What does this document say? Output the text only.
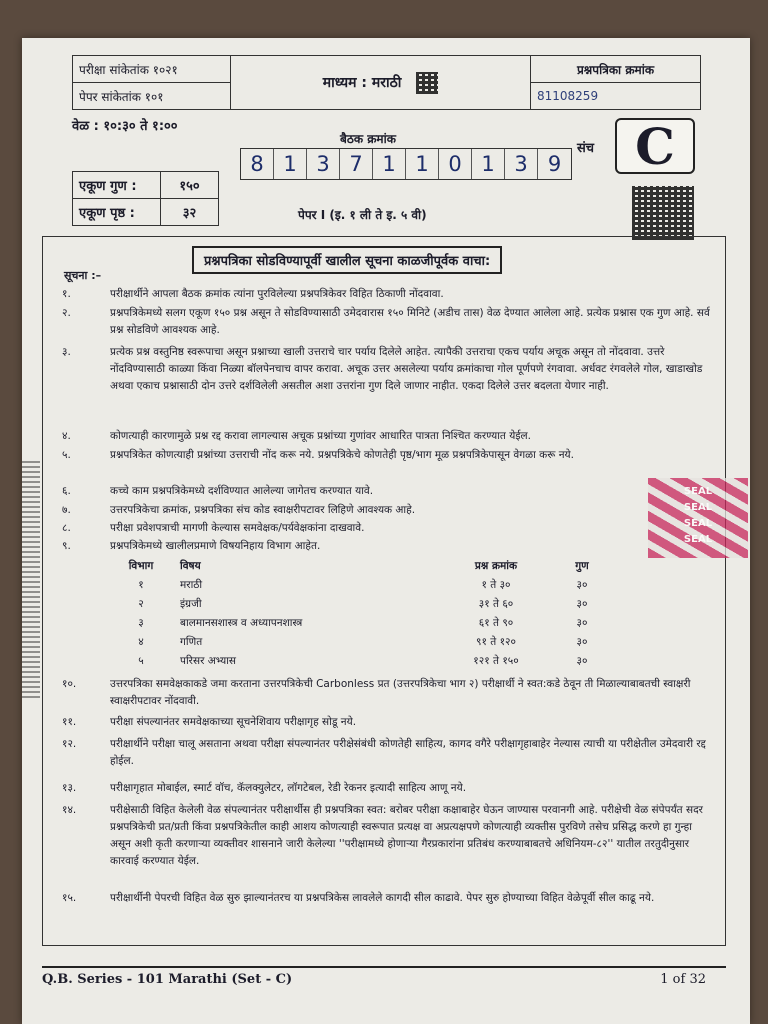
परीक्षा सांकेतांक १०२१	माध्यम : मराठी	प्रश्नपत्रिका क्रमांक
पेपर सांकेतांक १०१		81108259
वेळ : १०:३० ते १:००
बैठक क्रमांक
8 1 3 7 1 1 0 1 3 9
संच C
एकूण गुण :	१५०
एकूण पृष्ठ :	३२	पेपर I (इ. १ ली ते इ. ५ वी)
प्रश्नपत्रिका सोडविण्यापूर्वी खालील सूचना काळजीपूर्वक वाचा:
सूचना :–
१.	परीक्षार्थीने आपला बैठक क्रमांक त्यांना पुरविलेल्या प्रश्नपत्रिकेवर विहित ठिकाणी नोंदवावा.
२.	प्रश्नपत्रिकेमध्ये सलग एकूण १५० प्रश्न असून ते सोडविण्यासाठी उमेदवारास १५० मिनिटे (अडीच तास) वेळ देण्यात आलेला आहे. प्रत्येक प्रश्नास एक गुण आहे. सर्व प्रश्न सोडविणे आवश्यक आहे.
३.	प्रत्येक प्रश्न वस्तुनिष्ठ स्वरूपाचा असून प्रश्नाच्या खाली उत्तराचे चार पर्याय दिलेले आहेत. त्यापैकी उत्तराचा एकच पर्याय अचूक असून तो नोंदवावा. उत्तरे नोंदविण्यासाठी काळ्या किंवा निळ्या बॉलपेनचाच वापर करावा. अचूक उत्तर असलेल्या पर्याय क्रमांकाचा गोल पूर्णपणे रंगवावा. अर्धवट रंगवलेले गोल, खाडाखोड अथवा एकाच प्रश्नासाठी दोन उत्तरे दर्शविलेली असतील अशा उत्तरांना गुण दिले जाणार नाहीत. एकदा दिलेले उत्तर बदलता येणार नाही.
४.	कोणत्याही कारणामुळे प्रश्न रद्द करावा लागल्यास अचूक प्रश्नांच्या गुणांवर आधारित पात्रता निश्चित करण्यात येईल.
५.	प्रश्नपत्रिकेत कोणत्याही प्रश्नांच्या उत्तराची नोंद करू नये. प्रश्नपत्रिकेचे कोणतेही पृष्ठ/भाग मूळ प्रश्नपत्रिकेपासून वेगळा करू नये.
६.	कच्चे काम प्रश्नपत्रिकेमध्ये दर्शविण्यात आलेल्या जागेतच करण्यात यावे.
७.	उत्तरपत्रिकेचा क्रमांक, प्रश्नपत्रिका संच कोड स्वाक्षरीपटावर लिहिणे आवश्यक आहे.
८.	परीक्षा प्रवेशपत्राची मागणी केल्यास समवेक्षक/पर्यवेक्षकांना दाखवावे.
९.	प्रश्नपत्रिकेमध्ये खालीलप्रमाणे विषयनिहाय विभाग आहेत.
विभाग	विषय	प्रश्न क्रमांक	गुण
१	मराठी	१ ते ३०	३०
२	इंग्रजी	३१ ते ६०	३०
३	बालमानसशास्त्र व अध्यापनशास्त्र	६१ ते ९०	३०
४	गणित	९१ ते १२०	३०
५	परिसर अभ्यास	१२१ ते १५०	३०
१०.	उत्तरपत्रिका समवेक्षकाकडे जमा करताना उत्तरपत्रिकेची Carbonless प्रत (उत्तरपत्रिकेचा भाग २) परीक्षार्थी ने स्वत:कडे ठेवून ती मिळाल्याबाबतची स्वाक्षरी स्वाक्षरीपटावर नोंदवावी.
११.	परीक्षा संपल्यानंतर समवेक्षकाच्या सूचनेशिवाय परीक्षागृह सोडू नये.
१२.	परीक्षार्थीने परीक्षा चालू असताना अथवा परीक्षा संपल्यानंतर परीक्षेसंबंधी कोणतेही साहित्य, कागद वगैरे परीक्षागृहाबाहेर नेल्यास त्याची या परीक्षेतील उमेदवारी रद्द होईल.
१३.	परीक्षागृहात मोबाईल, स्मार्ट वॉच, कॅलक्युलेटर, लॉगटेबल, रेडी रेकनर इत्यादी साहित्य आणू नये.
१४.	परीक्षेसाठी विहित केलेली वेळ संपल्यानंतर परीक्षार्थीस ही प्रश्नपत्रिका स्वत: बरोबर परीक्षा कक्षाबाहेर घेऊन जाण्यास परवानगी आहे. परीक्षेची वेळ संपेपर्यंत सदर प्रश्नपत्रिकेची प्रत/प्रती किंवा प्रश्नपत्रिकेतील काही आशय कोणत्याही स्वरूपात प्रत्यक्ष वा अप्रत्यक्षपणे कोणत्याही व्यक्तीस पुरविणे तसेच प्रसिद्ध करणे हा गुन्हा असून अशी कृती करणाऱ्या व्यक्तीवर शासनाने जारी केलेल्या ''परीक्षामध्ये होणाऱ्या गैरप्रकारांना प्रतिबंध करण्याबाबतचे अधिनियम-८२'' यातील तरतुदीनुसार कारवाई करण्यात येईल.
१५.	परीक्षार्थीनी पेपरची विहित वेळ सुरु झाल्यानंतरच या प्रश्नपत्रिकेस लावलेले कागदी सील काढावे. पेपर सुरु होण्याच्या विहित वेळेपूर्वी सील काढू नये.
SEAL
SEAL
SEAL
SEAL
Q.B. Series - 101 Marathi (Set - C)	1 of 32
